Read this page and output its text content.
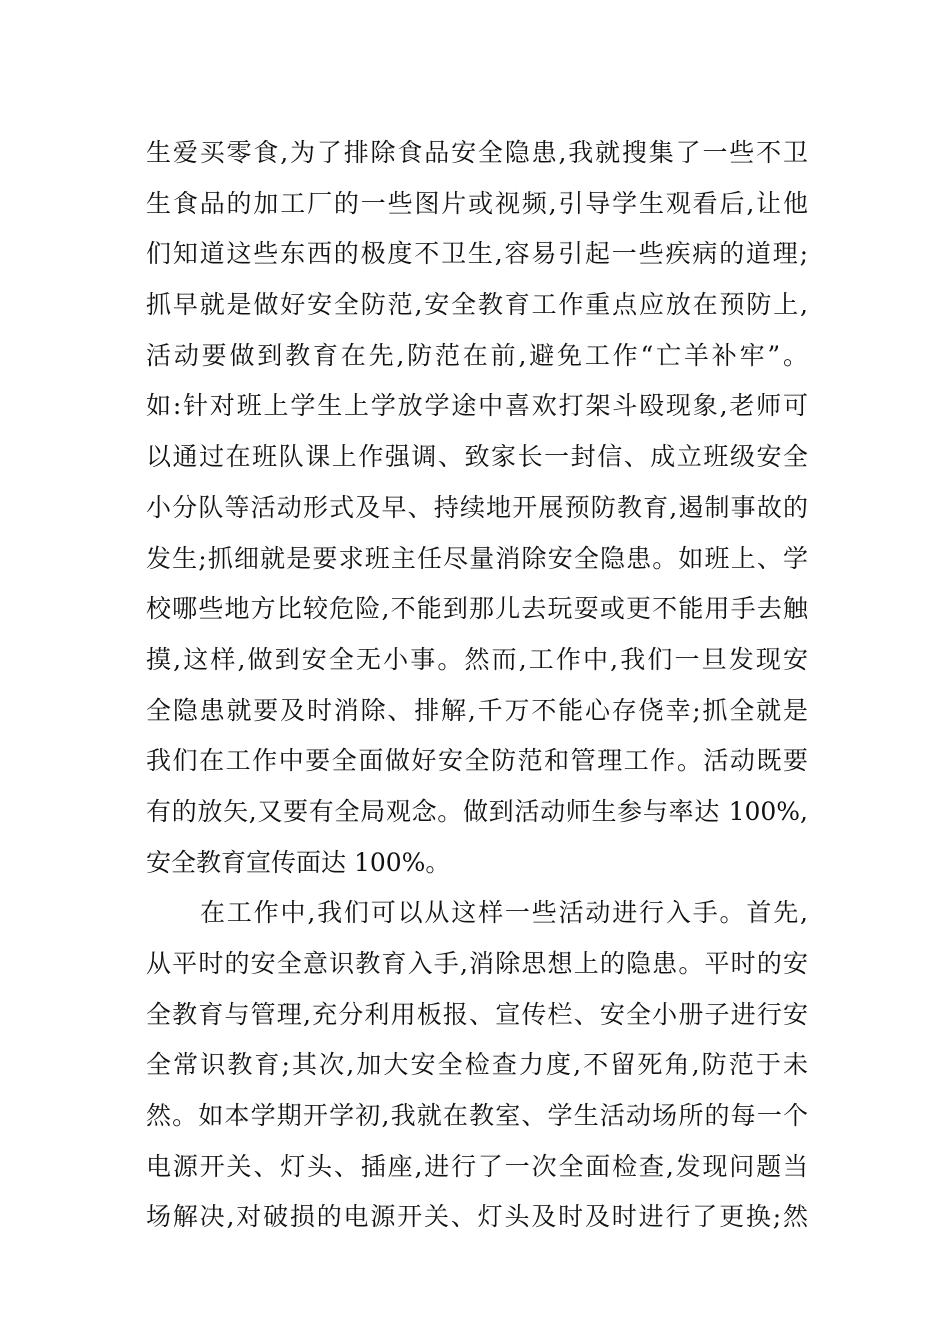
生爱买零食,为了排除食品安全隐患,我就搜集了一些不卫
生食品的加工厂的一些图片或视频,引导学生观看后,让他
们知道这些东西的极度不卫生,容易引起一些疾病的道理;
抓早就是做好安全防范,安全教育工作重点应放在预防上,
活动要做到教育在先,防范在前,避免工作“亡羊补牢”。
如:针对班上学生上学放学途中喜欢打架斗殴现象,老师可
以通过在班队课上作强调、致家长一封信、成立班级安全
小分队等活动形式及早、持续地开展预防教育,遏制事故的
发生;抓细就是要求班主任尽量消除安全隐患。如班上、学
校哪些地方比较危险,不能到那儿去玩耍或更不能用手去触
摸,这样,做到安全无小事。然而,工作中,我们一旦发现安
全隐患就要及时消除、排解,千万不能心存侥幸;抓全就是
我们在工作中要全面做好安全防范和管理工作。活动既要
有的放矢,又要有全局观念。做到活动师生参与率达 100%,
安全教育宣传面达 100%。
在工作中,我们可以从这样一些活动进行入手。首先,
从平时的安全意识教育入手,消除思想上的隐患。平时的安
全教育与管理,充分利用板报、宣传栏、安全小册子进行安
全常识教育;其次,加大安全检查力度,不留死角,防范于未
然。如本学期开学初,我就在教室、学生活动场所的每一个
电源开关、灯头、插座,进行了一次全面检查,发现问题当
场解决,对破损的电源开关、灯头及时及时进行了更换;然
